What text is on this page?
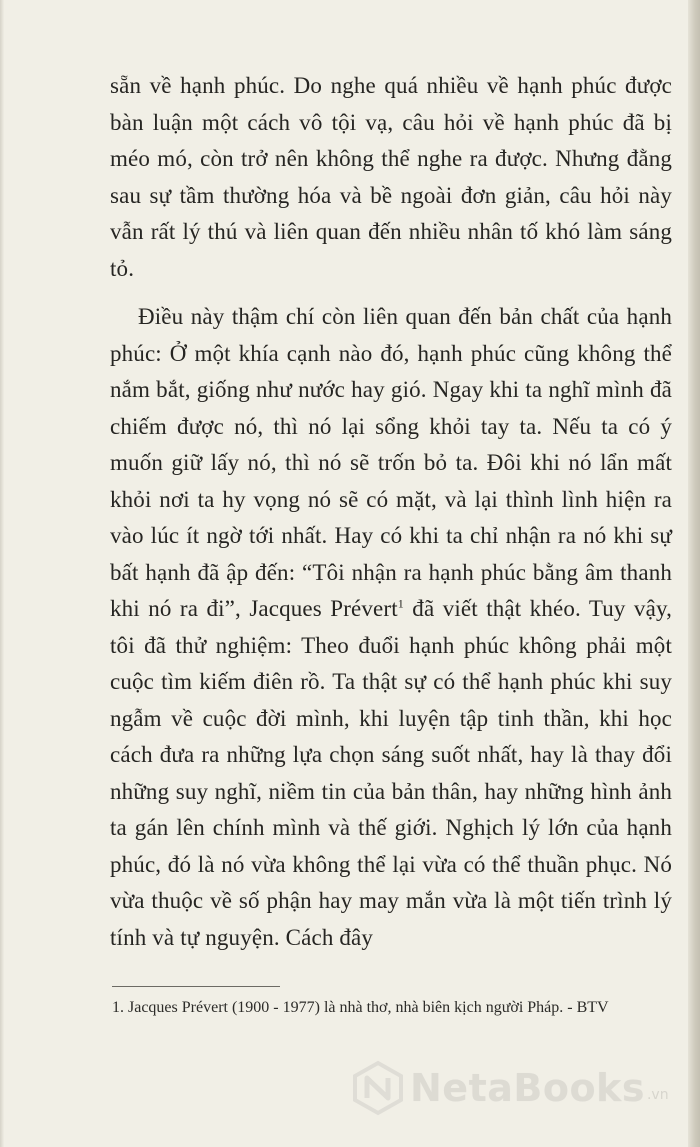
sẵn về hạnh phúc. Do nghe quá nhiều về hạnh phúc được bàn luận một cách vô tội vạ, câu hỏi về hạnh phúc đã bị méo mó, còn trở nên không thể nghe ra được. Nhưng đằng sau sự tầm thường hóa và bề ngoài đơn giản, câu hỏi này vẫn rất lý thú và liên quan đến nhiều nhân tố khó làm sáng tỏ.

Điều này thậm chí còn liên quan đến bản chất của hạnh phúc: Ở một khía cạnh nào đó, hạnh phúc cũng không thể nắm bắt, giống như nước hay gió. Ngay khi ta nghĩ mình đã chiếm được nó, thì nó lại sổng khỏi tay ta. Nếu ta có ý muốn giữ lấy nó, thì nó sẽ trốn bỏ ta. Đôi khi nó lẩn mất khỏi nơi ta hy vọng nó sẽ có mặt, và lại thình lình hiện ra vào lúc ít ngờ tới nhất. Hay có khi ta chỉ nhận ra nó khi sự bất hạnh đã ập đến: “Tôi nhận ra hạnh phúc bằng âm thanh khi nó ra đi”, Jacques Prévert$^1$ đã viết thật khéo. Tuy vậy, tôi đã thử nghiệm: Theo đuổi hạnh phúc không phải một cuộc tìm kiếm điên rồ. Ta thật sự có thể hạnh phúc khi suy ngẫm về cuộc đời mình, khi luyện tập tinh thần, khi học cách đưa ra những lựa chọn sáng suốt nhất, hay là thay đổi những suy nghĩ, niềm tin của bản thân, hay những hình ảnh ta gán lên chính mình và thế giới. Nghịch lý lớn của hạnh phúc, đó là nó vừa không thể lại vừa có thể thuần phục. Nó vừa thuộc về số phận hay may mắn vừa là một tiến trình lý tính và tự nguyện. Cách đây

1. Jacques Prévert (1900 - 1977) là nhà thơ, nhà biên kịch người Pháp. - BTV
NetaBooks .vn
